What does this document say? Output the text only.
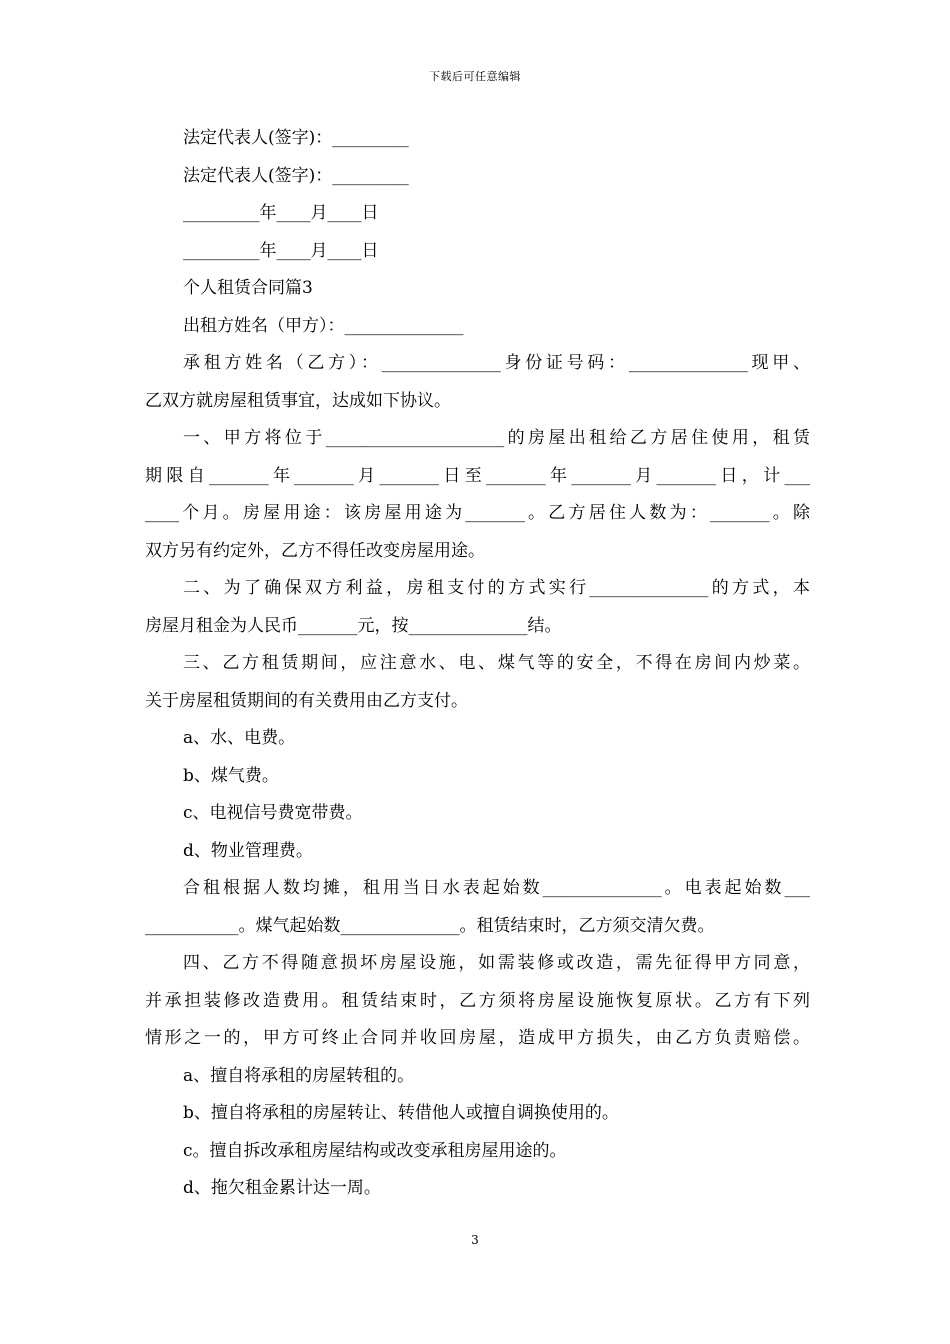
下载后可任意编辑
法定代表人(签字)：_________
法定代表人(签字)：_________
_________年____月____日
_________年____月____日
个人租赁合同篇3
出租方姓名（甲方）：______________
承租方姓名（乙方）：______________身份证号码：______________现甲、
乙双方就房屋租赁事宜，达成如下协议。
一、甲方将位于_____________________的房屋出租给乙方居住使用，租赁
期限自_______年_______月_______日至_______年_______月_______日，计___
____个月。房屋用途：该房屋用途为_______。乙方居住人数为：_______。除
双方另有约定外，乙方不得任改变房屋用途。
二、为了确保双方利益，房租支付的方式实行______________的方式，本
房屋月租金为人民币_______元，按______________结。
三、乙方租赁期间，应注意水、电、煤气等的安全，不得在房间内炒菜。
关于房屋租赁期间的有关费用由乙方支付。
a、水、电费。
b、煤气费。
c、电视信号费宽带费。
d、物业管理费。
合租根据人数均摊，租用当日水表起始数______________。电表起始数___
___________。煤气起始数______________。租赁结束时，乙方须交清欠费。
四、乙方不得随意损坏房屋设施，如需装修或改造，需先征得甲方同意，
并承担装修改造费用。租赁结束时，乙方须将房屋设施恢复原状。乙方有下列
情形之一的，甲方可终止合同并收回房屋，造成甲方损失，由乙方负责赔偿。
a、擅自将承租的房屋转租的。
b、擅自将承租的房屋转让、转借他人或擅自调换使用的。
c。擅自拆改承租房屋结构或改变承租房屋用途的。
d、拖欠租金累计达一周。
3
